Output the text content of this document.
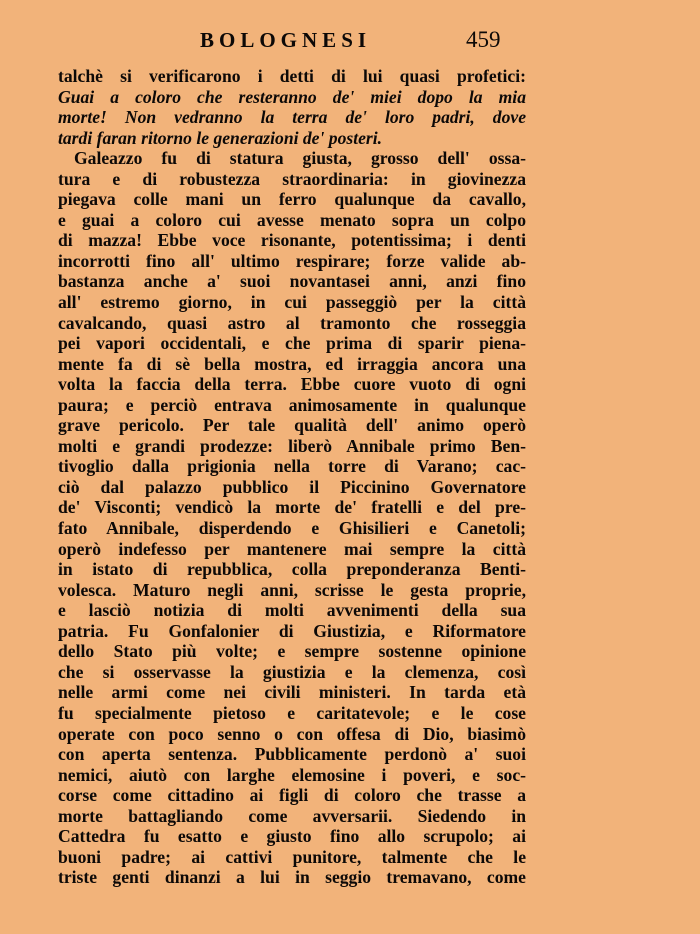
BOLOGNESI	459
talchè si verificarono i detti di lui quasi profetici:
Guai a coloro che resteranno de' miei dopo la mia
morte! Non vedranno la terra de' loro padri, dove
tardi faran ritorno le generazioni de' posteri.
Galeazzo fu di statura giusta, grosso dell' ossa-
tura e di robustezza straordinaria: in giovinezza
piegava colle mani un ferro qualunque da cavallo,
e guai a coloro cui avesse menato sopra un colpo
di mazza! Ebbe voce risonante, potentissima; i denti
incorrotti fino all' ultimo respirare; forze valide ab-
bastanza anche a' suoi novantasei anni, anzi fino
all' estremo giorno, in cui passeggiò per la città
cavalcando, quasi astro al tramonto che rosseggia
pei vapori occidentali, e che prima di sparir piena-
mente fa di sè bella mostra, ed irraggia ancora una
volta la faccia della terra. Ebbe cuore vuoto di ogni
paura; e perciò entrava animosamente in qualunque
grave pericolo. Per tale qualità dell' animo operò
molti e grandi prodezze: liberò Annibale primo Ben-
tivoglio dalla prigionia nella torre di Varano; cac-
ciò dal palazzo pubblico il Piccinino Governatore
de' Visconti; vendicò la morte de' fratelli e del pre-
fato Annibale, disperdendo e Ghisilieri e Canetoli;
operò indefesso per mantenere mai sempre la città
in istato di repubblica, colla preponderanza Benti-
volesca. Maturo negli anni, scrisse le gesta proprie,
e lasciò notizia di molti avvenimenti della sua
patria. Fu Gonfalonier di Giustizia, e Riformatore
dello Stato più volte; e sempre sostenne opinione
che si osservasse la giustizia e la clemenza, così
nelle armi come nei civili ministeri. In tarda età
fu specialmente pietoso e caritatevole; e le cose
operate con poco senno o con offesa di Dio, biasimò
con aperta sentenza. Pubblicamente perdonò a' suoi
nemici, aiutò con larghe elemosine i poveri, e soc-
corse come cittadino ai figli di coloro che trasse a
morte battagliando come avversarii. Siedendo in
Cattedra fu esatto e giusto fino allo scrupolo; ai
buoni padre; ai cattivi punitore, talmente che le
triste genti dinanzi a lui in seggio tremavano, come
